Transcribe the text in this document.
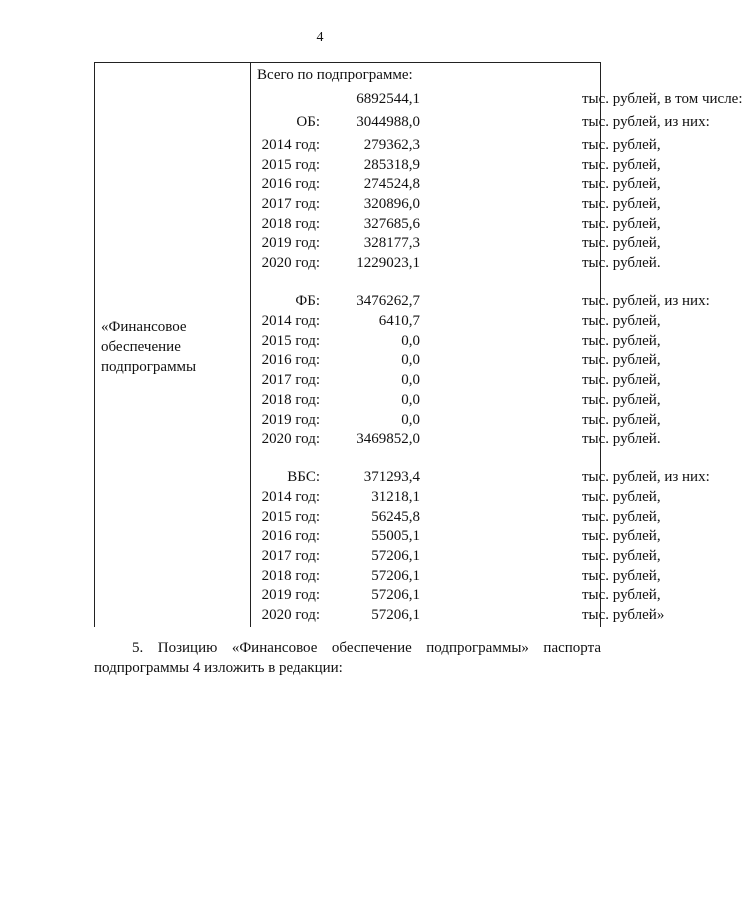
4
«Финансовое обеспечение подпрограммы
Всего по подпрограмме:
6892544,1	тыс. рублей, в том числе:
ОБ: 3044988,0	тыс. рублей, из них:
2014 год:	279362,3	тыс. рублей,
2015 год:	285318,9	тыс. рублей,
2016 год:	274524,8	тыс. рублей,
2017 год:	320896,0	тыс. рублей,
2018 год:	327685,6	тыс. рублей,
2019 год:	328177,3	тыс. рублей,
2020 год: 1229023,1	тыс. рублей.
ФБ: 3476262,7	тыс. рублей, из них:
2014 год:	6410,7	тыс. рублей,
2015 год:	0,0	тыс. рублей,
2016 год:	0,0	тыс. рублей,
2017 год:	0,0	тыс. рублей,
2018 год:	0,0	тыс. рублей,
2019 год:	0,0	тыс. рублей,
2020 год: 3469852,0	тыс. рублей.
ВБС:	371293,4	тыс. рублей, из них:
2014 год:	31218,1	тыс. рублей,
2015 год:	56245,8	тыс. рублей,
2016 год:	55005,1	тыс. рублей,
2017 год:	57206,1	тыс. рублей,
2018 год:	57206,1	тыс. рублей,
2019 год:	57206,1	тыс. рублей,
2020 год:	57206,1	тыс. рублей»
5. Позицию «Финансовое обеспечение подпрограммы» паспорта
подпрограммы 4 изложить в редакции:
